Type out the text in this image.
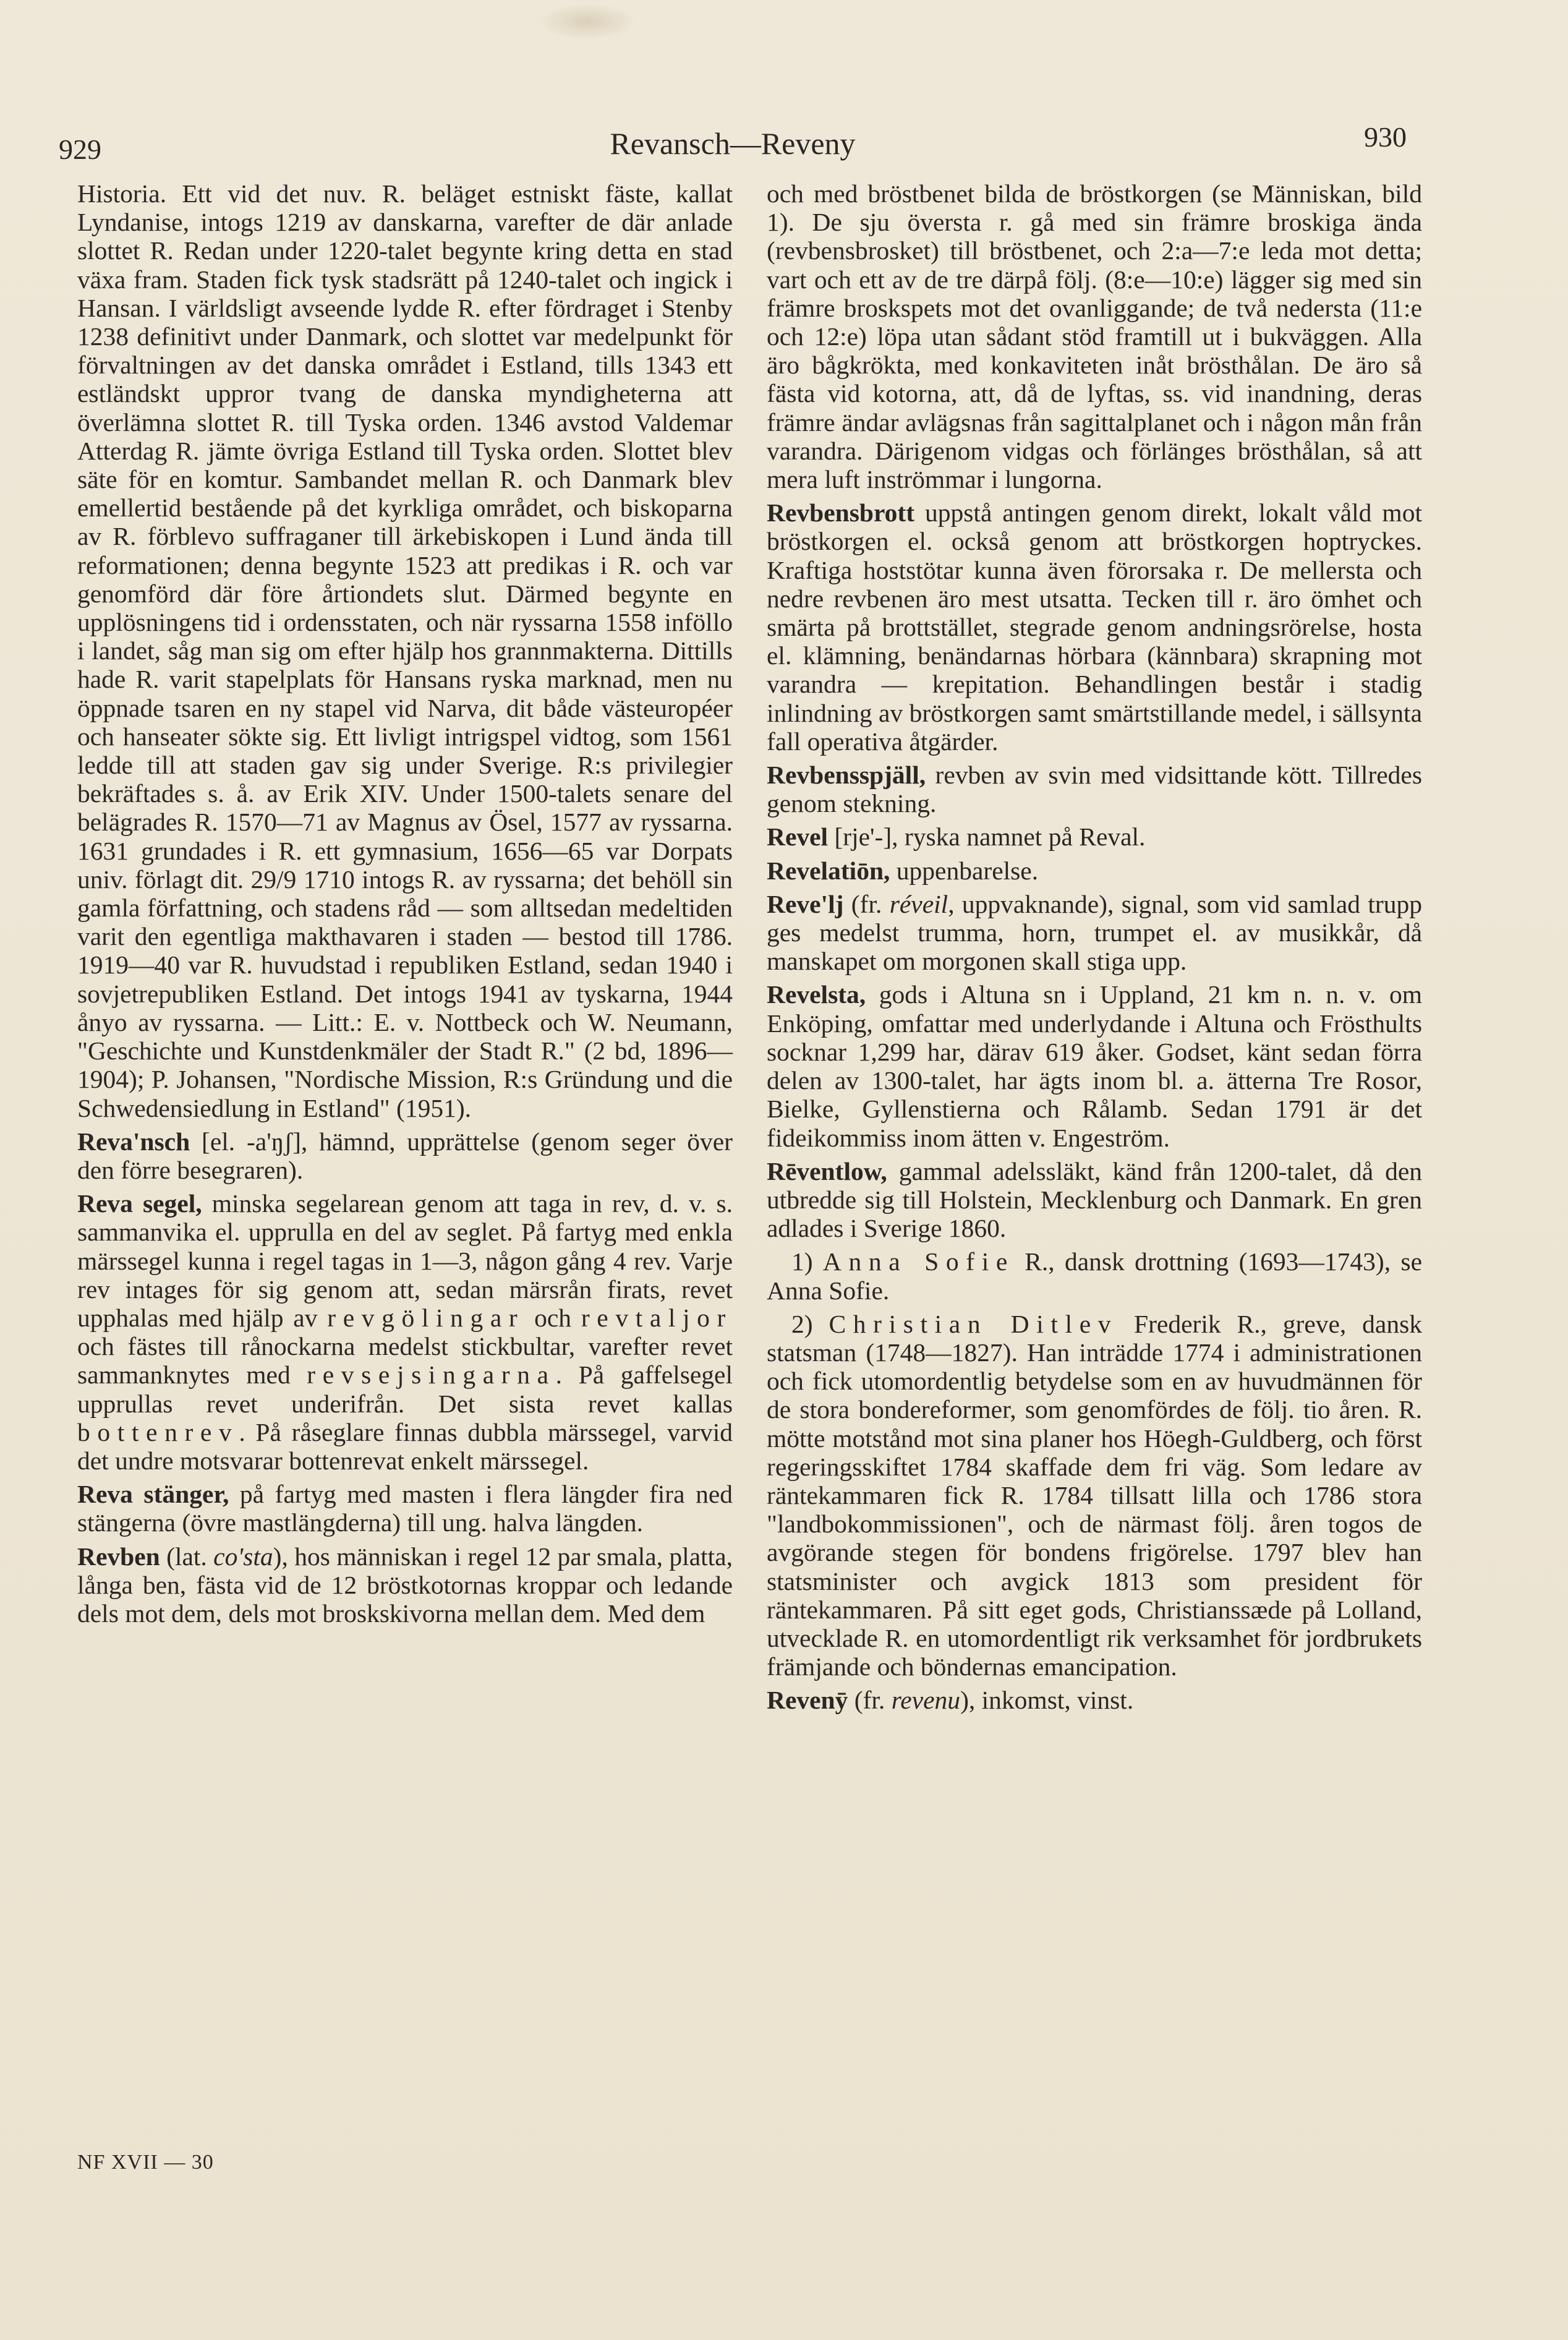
929	Revansch—Reveny	930

Historia. Ett vid det nuv. R. beläget estniskt fäste, kallat Lyndanise, intogs 1219 av danskarna, varefter de där anlade slottet R. Redan under 1220-talet begynte kring detta en stad växa fram. Staden fick tysk stadsrätt på 1240-talet och ingick i Hansan. I världsligt avseende lydde R. efter fördraget i Stenby 1238 definitivt under Danmark, och slottet var medelpunkt för förvaltningen av det danska området i Estland, tills 1343 ett estländskt uppror tvang de danska myndigheterna att överlämna slottet R. till Tyska orden. 1346 avstod Valdemar Atterdag R. jämte övriga Estland till Tyska orden. Slottet blev säte för en komtur. Sambandet mellan R. och Danmark blev emellertid bestående på det kyrkliga området, och biskoparna av R. förblevo suffraganer till ärkebiskopen i Lund ända till reformationen; denna begynte 1523 att predikas i R. och var genomförd där före årtiondets slut. Därmed begynte en upplösningens tid i ordensstaten, och när ryssarna 1558 inföllo i landet, såg man sig om efter hjälp hos grannmakterna. Dittills hade R. varit stapelplats för Hansans ryska marknad, men nu öppnade tsaren en ny stapel vid Narva, dit både västeuropéer och hanseater sökte sig. Ett livligt intrigspel vidtog, som 1561 ledde till att staden gav sig under Sverige. R:s privilegier bekräftades s. å. av Erik XIV. Under 1500-talets senare del belägrades R. 1570—71 av Magnus av Ösel, 1577 av ryssarna. 1631 grundades i R. ett gymnasium, 1656—65 var Dorpats univ. förlagt dit. 29/9 1710 intogs R. av ryssarna; det behöll sin gamla författning, och stadens råd — som alltsedan medeltiden varit den egentliga makthavaren i staden — bestod till 1786. 1919—40 var R. huvudstad i republiken Estland, sedan 1940 i sovjetrepubliken Estland. Det intogs 1941 av tyskarna, 1944 ånyo av ryssarna. — Litt.: E. v. Nottbeck och W. Neumann, "Geschichte und Kunstdenkmäler der Stadt R." (2 bd, 1896—1904); P. Johansen, "Nordische Mission, R:s Gründung und die Schwedensiedlung in Estland" (1951).

Reva'nsch [el. -a'ŋʃ], hämnd, upprättelse (genom seger över den förre besegraren).

Reva segel, minska segelarean genom att taga in rev, d. v. s. sammanvika el. upprulla en del av seglet. På fartyg med enkla märssegel kunna i regel tagas in 1—3, någon gång 4 rev. Varje rev intages för sig genom att, sedan märsrån firats, revet upphalas med hjälp av revgölingar och revtaljor och fästes till rånockarna medelst stickbultar, varefter revet sammanknytes med revsejsingarna. På gaffelsegel upprullas revet underifrån. Det sista revet kallas bottenrev. På råseglare finnas dubbla märssegel, varvid det undre motsvarar bottenrevat enkelt märssegel.

Reva stänger, på fartyg med masten i flera längder fira ned stängerna (övre mastlängderna) till ung. halva längden.

Revben (lat. co'sta), hos människan i regel 12 par smala, platta, långa ben, fästa vid de 12 bröstkotornas kroppar och ledande dels mot dem, dels mot broskskivorna mellan dem. Med dem

och med bröstbenet bilda de bröstkorgen (se Människan, bild 1). De sju översta r. gå med sin främre broskiga ända (revbensbrosket) till bröstbenet, och 2:a—7:e leda mot detta; vart och ett av de tre därpå följ. (8:e—10:e) lägger sig med sin främre broskspets mot det ovanliggande; de två nedersta (11:e och 12:e) löpa utan sådant stöd framtill ut i bukväggen. Alla äro bågkrökta, med konkaviteten inåt brösthålan. De äro så fästa vid kotorna, att, då de lyftas, ss. vid inandning, deras främre ändar avlägsnas från sagittalplanet och i någon mån från varandra. Därigenom vidgas och förlänges brösthålan, så att mera luft inströmmar i lungorna.

Revbensbrott uppstå antingen genom direkt, lokalt våld mot bröstkorgen el. också genom att bröstkorgen hoptryckes. Kraftiga hoststötar kunna även förorsaka r. De mellersta och nedre revbenen äro mest utsatta. Tecken till r. äro ömhet och smärta på brottstället, stegrade genom andningsrörelse, hosta el. klämning, benändarnas hörbara (kännbara) skrapning mot varandra — krepitation. Behandlingen består i stadig inlindning av bröstkorgen samt smärtstillande medel, i sällsynta fall operativa åtgärder.

Revbensspjäll, revben av svin med vidsittande kött. Tillredes genom stekning.

Revel [rje'-], ryska namnet på Reval.

Revelatiōn, uppenbarelse.

Reve'lj (fr. réveil, uppvaknande), signal, som vid samlad trupp ges medelst trumma, horn, trumpet el. av musikkår, då manskapet om morgonen skall stiga upp.

Revelsta, gods i Altuna sn i Uppland, 21 km n. n. v. om Enköping, omfattar med underlydande i Altuna och Frösthults socknar 1,299 har, därav 619 åker. Godset, känt sedan förra delen av 1300-talet, har ägts inom bl. a. ätterna Tre Rosor, Bielke, Gyllenstierna och Rålamb. Sedan 1791 är det fideikommiss inom ätten v. Engeström.

Rēventlow, gammal adelssläkt, känd från 1200-talet, då den utbredde sig till Holstein, Mecklenburg och Danmark. En gren adlades i Sverige 1860.

1) Anna Sofie R., dansk drottning (1693—1743), se Anna Sofie.

2) Christian Ditlev Frederik R., greve, dansk statsman (1748—1827). Han inträdde 1774 i administrationen och fick utomordentlig betydelse som en av huvudmännen för de stora bondereformer, som genomfördes de följ. tio åren. R. mötte motstånd mot sina planer hos Höegh-Guldberg, och först regeringsskiftet 1784 skaffade dem fri väg. Som ledare av räntekammaren fick R. 1784 tillsatt lilla och 1786 stora "landbokommissionen", och de närmast följ. åren togos de avgörande stegen för bondens frigörelse. 1797 blev han statsminister och avgick 1813 som president för räntekammaren. På sitt eget gods, Christianssæde på Lolland, utvecklade R. en utomordentligt rik verksamhet för jordbrukets främjande och böndernas emancipation.

Revenȳ (fr. revenu), inkomst, vinst.

NF XVII — 30
